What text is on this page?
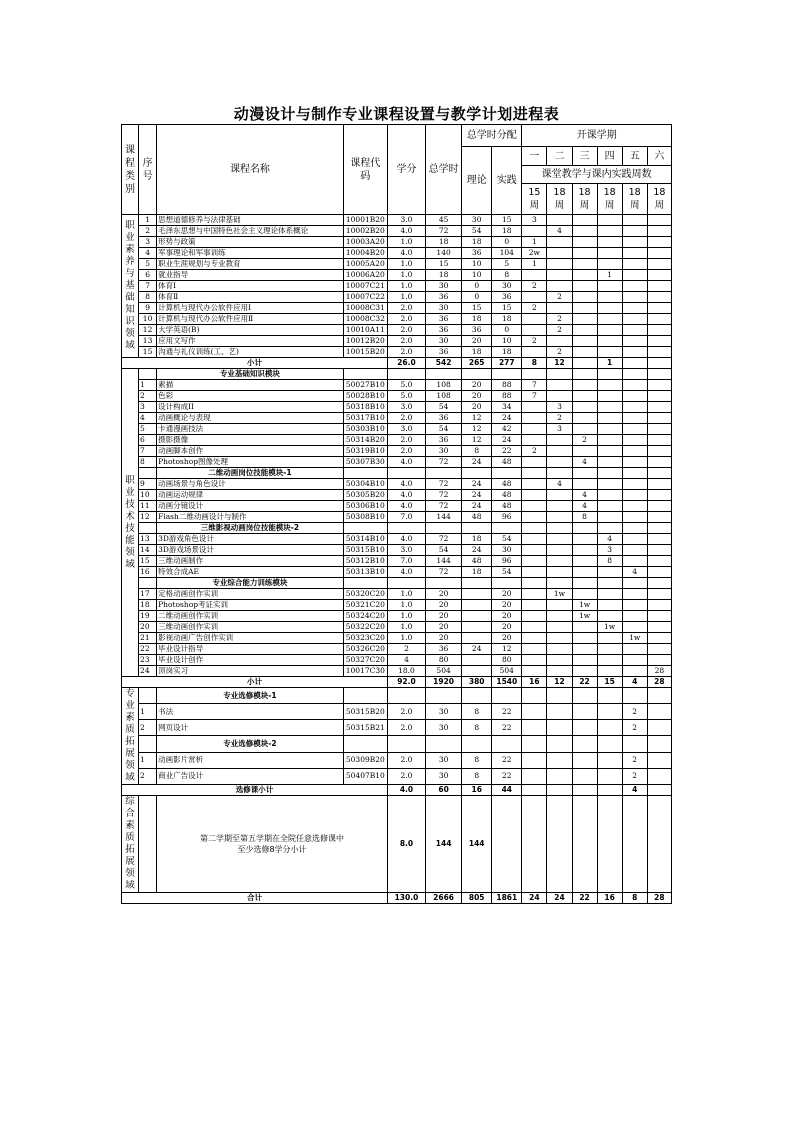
动漫设计与制作专业课程设置与教学计划进程表
课程类别	序号	课程名称	课程代码	学分	总学时	总学时分配		开课学期					
						理论	实践	一	二	三	四	五	六
								课堂教学与课内实践周数					
								15周	18周	18周	18周	18周	18周
职业素养与基础知识领域	1	思想道德修养与法律基础	10001B20	3.0	45	30	15	3					
	2	毛泽东思想与中国特色社会主义理论体系概论	10002B20	4.0	72	54	18		4				
	3	形势与政策	10003A20	1.0	18	18	0	1					
	4	军事理论和军事训练	10004B20	4.0	140	36	104	2w					
	5	职业生涯规划与专业教育	10005A20	1.0	15	10	5	1					
	6	就业指导	10006A20	1.0	18	10	8				1		
	7	体育Ⅰ	10007C21	1.0	30	0	30	2					
	8	体育Ⅱ	10007C22	1.0	36	0	36		2				
	9	计算机与现代办公软件应用Ⅰ	10008C31	2.0	30	15	15	2					
	10	计算机与现代办公软件应用Ⅱ	10008C32	2.0	36	18	18		2				
	12	大学英语(B)	10010A11	2.0	36	36	0		2				
	13	应用文写作	10012B20	2.0	30	20	10	2					
	15	沟通与礼仪训练(工、艺)	10015B20	2.0	36	18	18		2				
小计				26.0	542	265	277	8	12		1		
职业技术技能领域		专业基础知识模块											
	1	素描	50027B10	5.0	108	20	88	7					
	2	色彩	50028B10	5.0	108	20	88	7					
	3	设计构成II	50318B10	3.0	54	20	34		3				
	4	动画概论与表现	50317B10	2.0	36	12	24		2				
	5	卡通漫画技法	50303B10	3.0	54	12	42		3				
	6	摄影摄像	50314B20	2.0	36	12	24			2			
	7	动画脚本创作	50319B10	2.0	30	8	22	2					
	8	Photoshop图像处理	50307B30	4.0	72	24	48			4			
		二维动画岗位技能模块-1											
	9	动画场景与角色设计	50304B10	4.0	72	24	48		4				
	10	动画运动规律	50305B20	4.0	72	24	48			4			
	11	动画分镜设计	50306B10	4.0	72	24	48			4			
	12	Flash二维动画设计与制作	50308B10	7.0	144	48	96			8			
		三维影视动画岗位技能模块-2											
	13	3D游戏角色设计	50314B10	4.0	72	18	54				4		
	14	3D游戏场景设计	50315B10	3.0	54	24	30				3		
	15	三维动画制作	50312B10	7.0	144	48	96				8		
	16	特效合成AE	50313B10	4.0	72	18	54					4	
		专业综合能力训练模块											
	17	定格动画创作实训	50320C20	1.0	20		20		1w				
	18	Photoshop考证实训	50321C20	1.0	20		20			1w			
	19	二维动画创作实训	50324C20	1.0	20		20			1w			
	20	三维动画创作实训	50322C20	1.0	20		20				1w		
	21	影视动画广告创作实训	50323C20	1.0	20		20					1w	
	22	毕业设计指导	50326C20	2	36	24	12						
	23	毕业设计创作	50327C20	4	80		80						
	24	顶岗实习	10017C30	18.0	504		504						28
小计				92.0	1920	380	1540	16	12	22	15	4	28
专业素质拓展领域		专业选修模块-1											
	1	书法	50315B20	2.0	30	8	22					2	
	2	网页设计	50315B21	2.0	30	8	22					2	
		专业选修模块-2											
	1	动画影片赏析	50309B20	2.0	30	8	22					2	
	2	商业广告设计	50407B10	2.0	30	8	22					2	
选修课小计				4.0	60	16	44					4	
综合素质拓展领域		第二学期至第五学期在全院任意选修课中至少选修8学分小计		8.0	144	144							
合计				130.0	2666	805	1861	24	24	22	16	8	28
